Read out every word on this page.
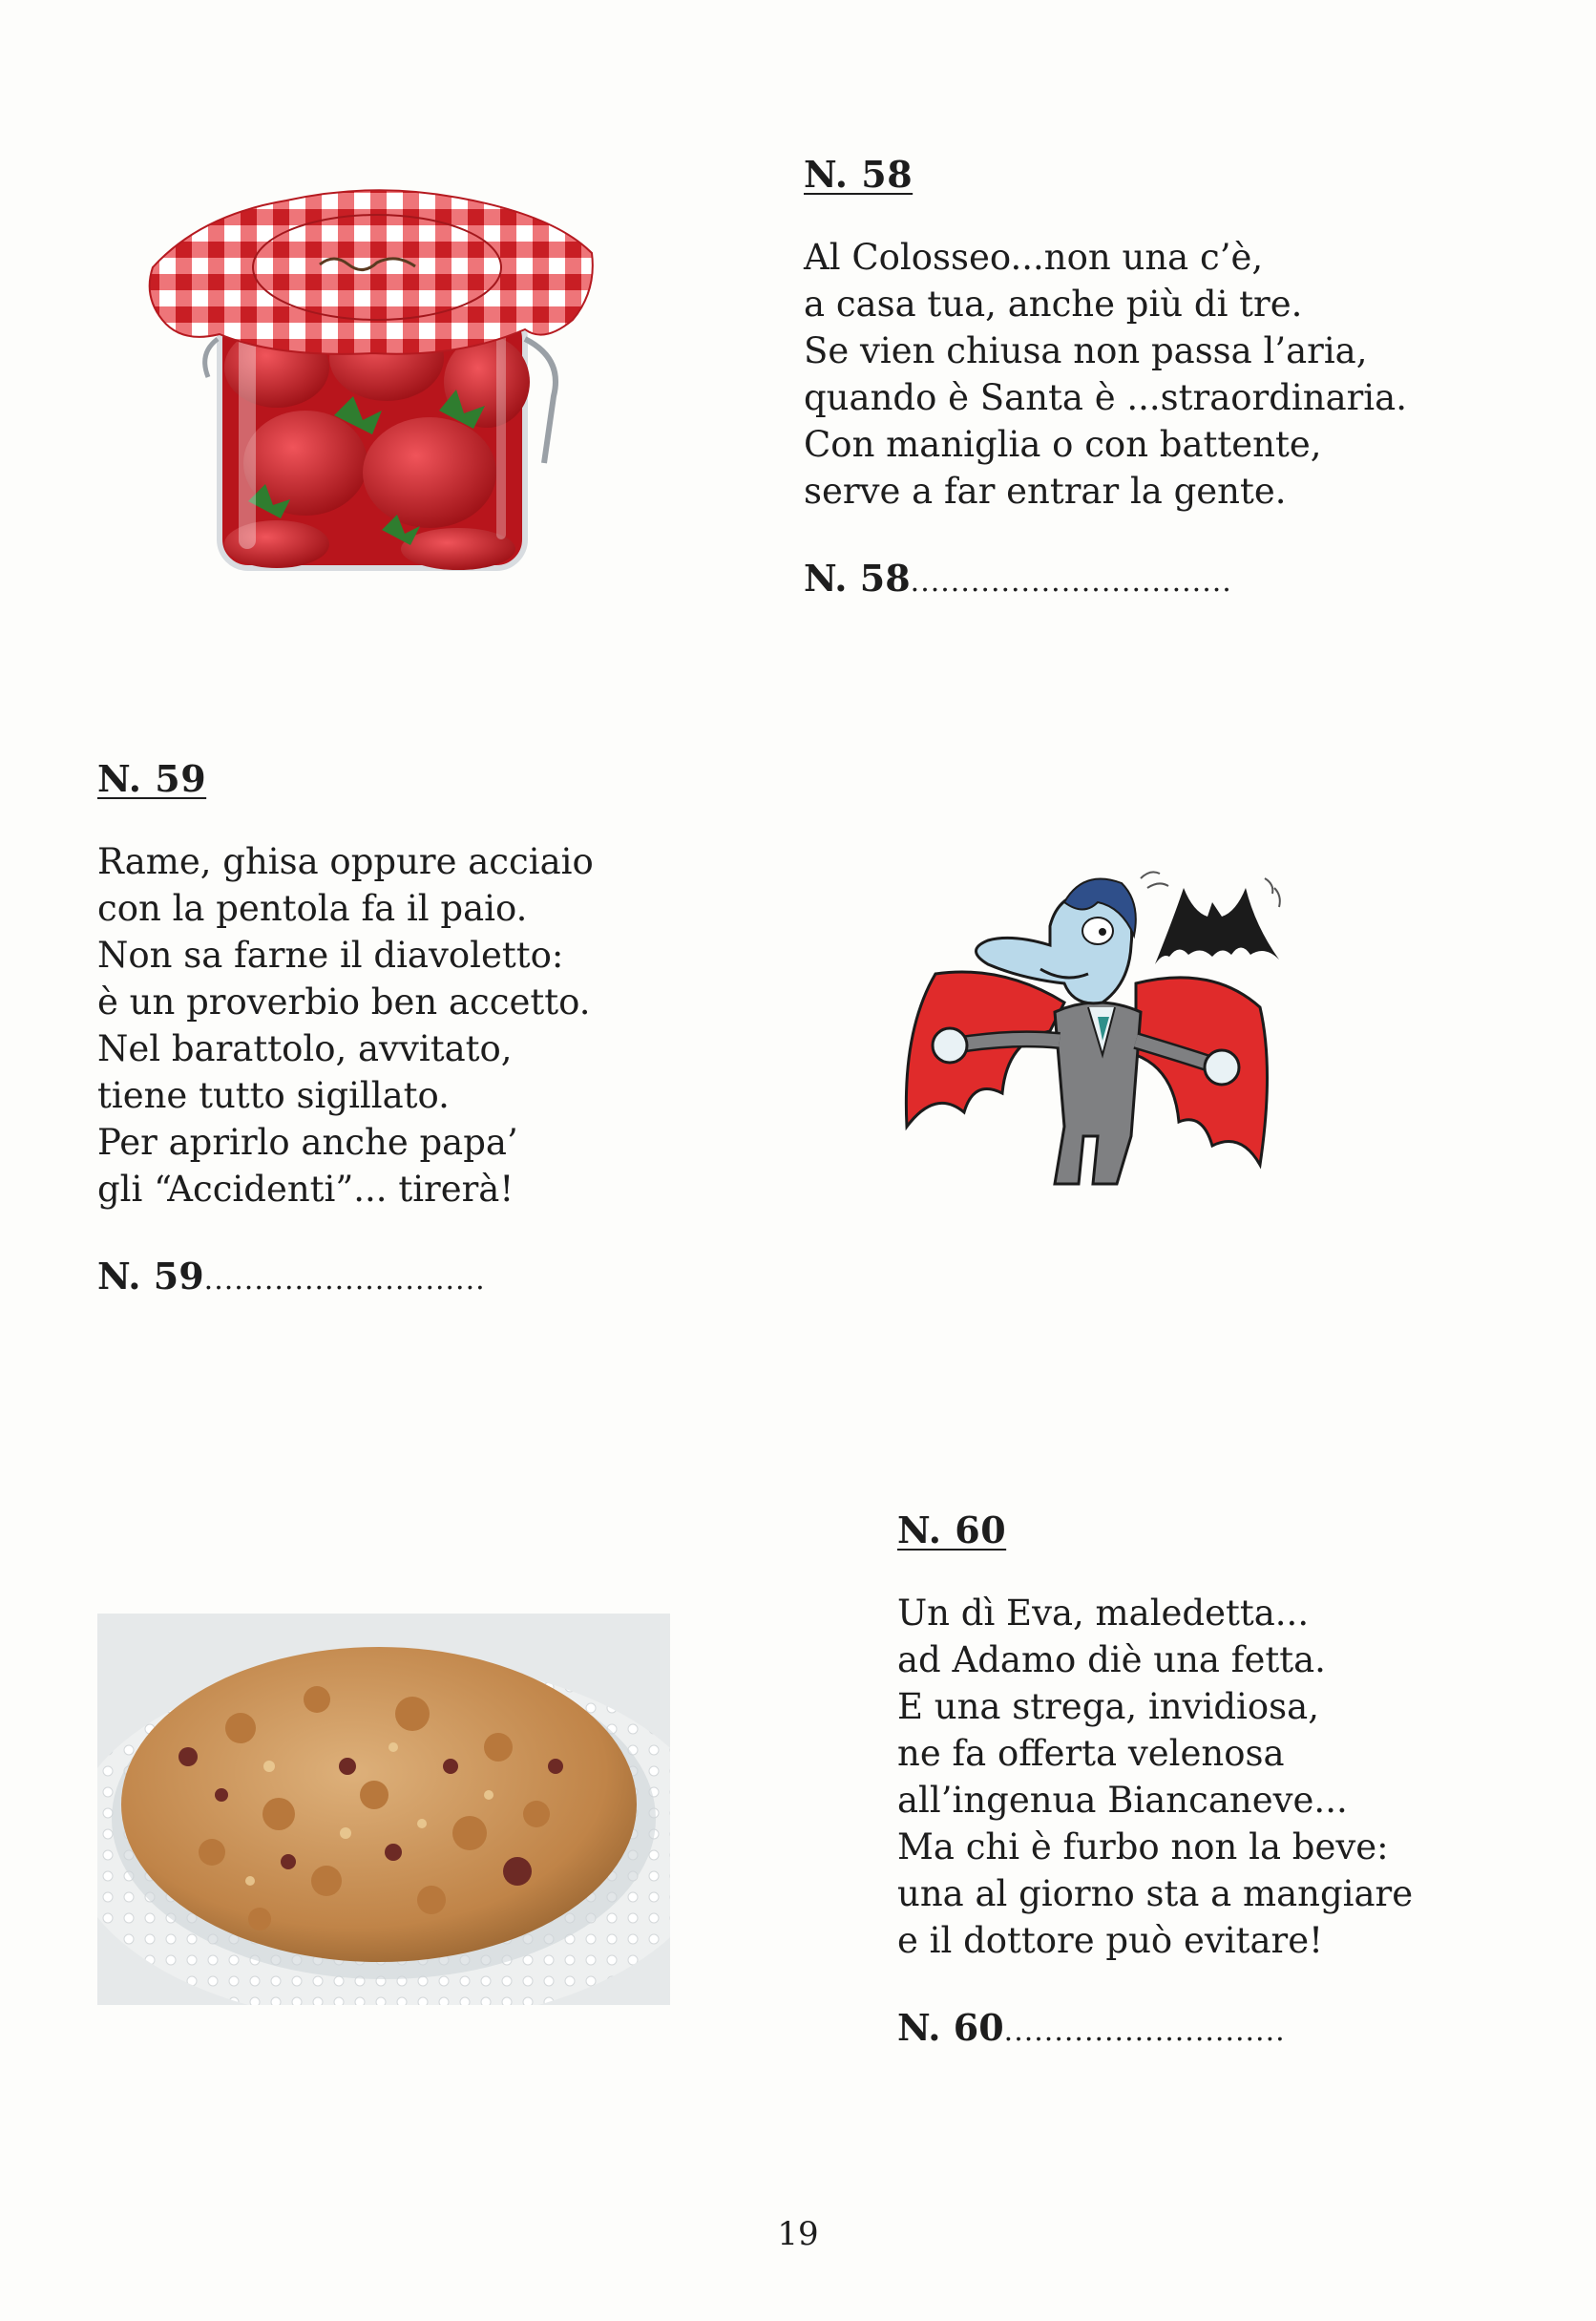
N. 58

Al Colosseo...non una c’è,

a casa tua, anche più di tre.

Se vien chiusa non passa l’aria,

quando è Santa è ...straordinaria.

Con maniglia o con battente,

serve a far entrar la gente.

N. 58................................

N. 59

Rame, ghisa oppure acciaio

con la pentola fa il paio.

Non sa farne il diavoletto:

è un proverbio ben accetto.

Nel barattolo, avvitato,

tiene tutto sigillato.

Per aprirlo anche papa’

gli “Accidenti”... tirerà!

N. 59............................

N. 60

Un dì Eva, maledetta...

ad Adamo diè una fetta.

E una strega, invidiosa,

ne fa offerta velenosa

all’ingenua Biancaneve...

Ma chi è furbo non la beve:

una al giorno sta a mangiare

e il dottore può evitare!

N. 60............................
19
